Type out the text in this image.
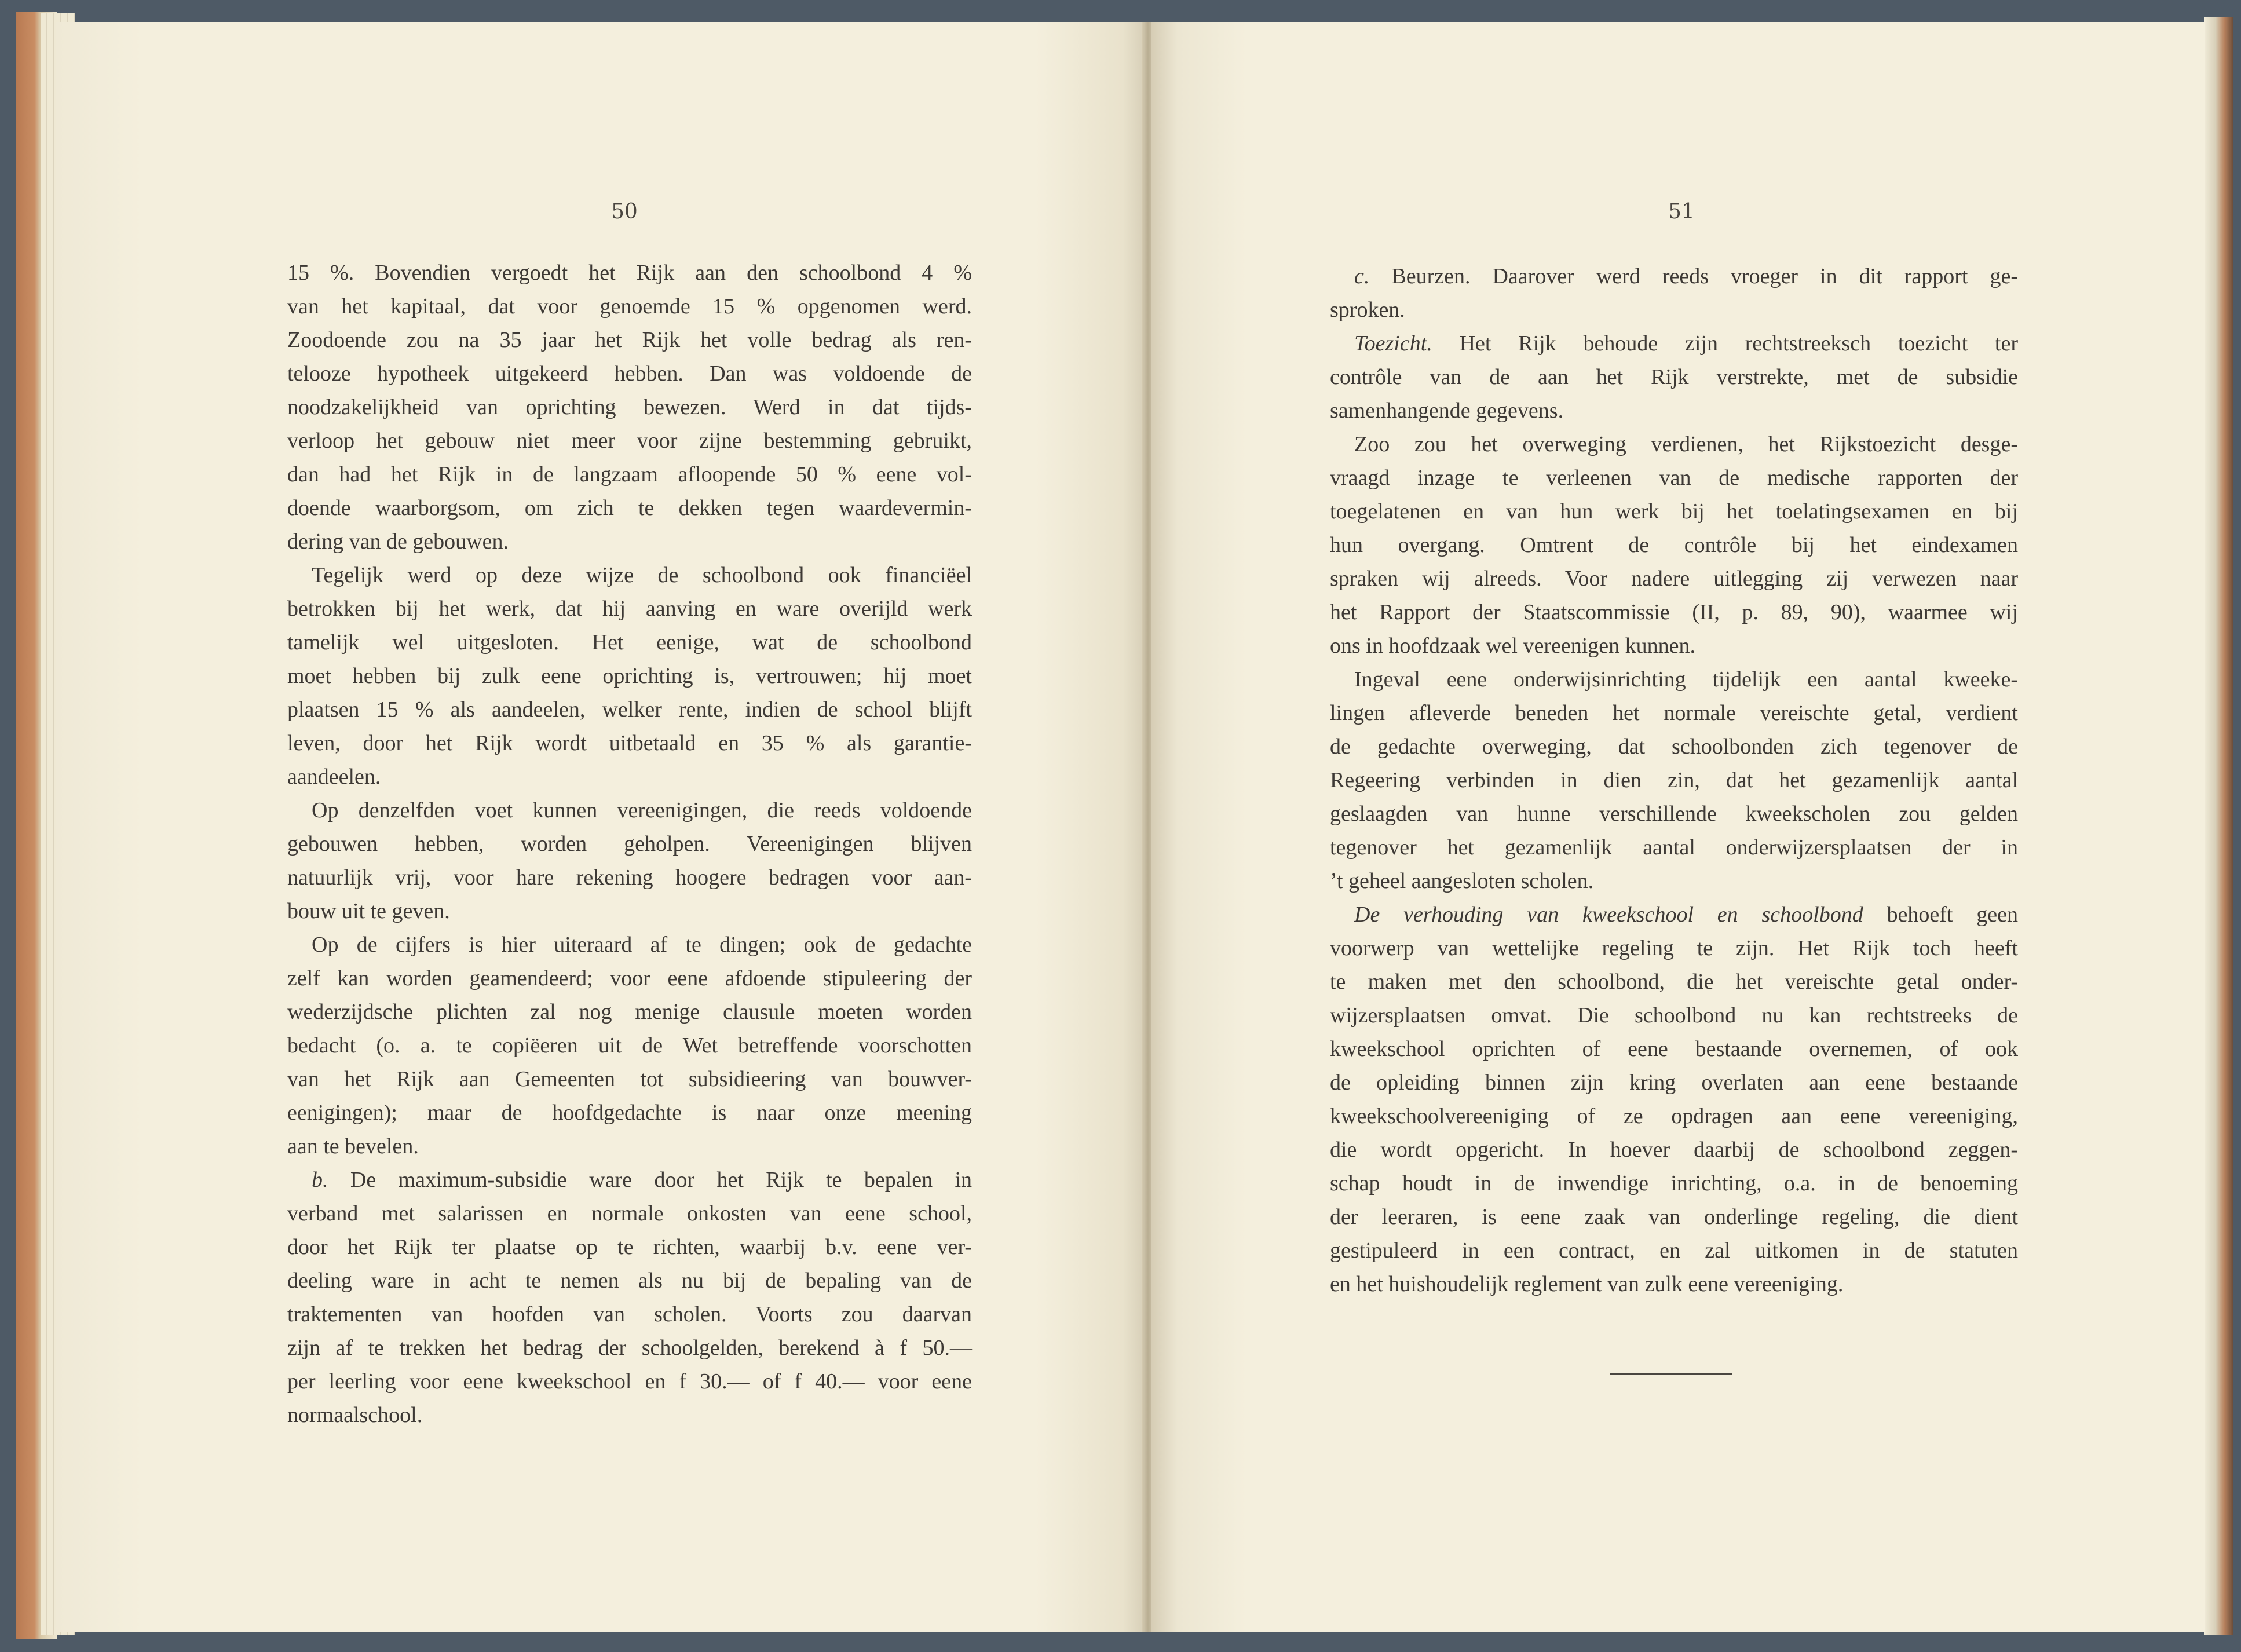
50	51
15 %. Bovendien vergoedt het Rijk aan den schoolbond 4 %
van het kapitaal, dat voor genoemde 15 % opgenomen werd.
Zoodoende zou na 35 jaar het Rijk het volle bedrag als ren-
telooze hypotheek uitgekeerd hebben. Dan was voldoende de
noodzakelijkheid van oprichting bewezen. Werd in dat tijds-
verloop het gebouw niet meer voor zijne bestemming gebruikt,
dan had het Rijk in de langzaam afloopende 50 % eene vol-
doende waarborgsom, om zich te dekken tegen waardevermin-
dering van de gebouwen.
Tegelijk werd op deze wijze de schoolbond ook financiëel
betrokken bij het werk, dat hij aanving en ware overijld werk
tamelijk wel uitgesloten. Het eenige, wat de schoolbond
moet hebben bij zulk eene oprichting is, vertrouwen; hij moet
plaatsen 15 % als aandeelen, welker rente, indien de school blijft
leven, door het Rijk wordt uitbetaald en 35 % als garantie-
aandeelen.
Op denzelfden voet kunnen vereenigingen, die reeds voldoende
gebouwen hebben, worden geholpen. Vereenigingen blijven
natuurlijk vrij, voor hare rekening hoogere bedragen voor aan-
bouw uit te geven.
Op de cijfers is hier uiteraard af te dingen; ook de gedachte
zelf kan worden geamendeerd; voor eene afdoende stipuleering der
wederzijdsche plichten zal nog menige clausule moeten worden
bedacht (o. a. te copiëeren uit de Wet betreffende voorschotten
van het Rijk aan Gemeenten tot subsidieering van bouwver-
eenigingen); maar de hoofdgedachte is naar onze meening
aan te bevelen.
b. De maximum-subsidie ware door het Rijk te bepalen in
verband met salarissen en normale onkosten van eene school,
door het Rijk ter plaatse op te richten, waarbij b.v. eene ver-
deeling ware in acht te nemen als nu bij de bepaling van de
traktementen van hoofden van scholen. Voorts zou daarvan
zijn af te trekken het bedrag der schoolgelden, berekend à f 50.—
per leerling voor eene kweekschool en f 30.— of f 40.— voor eene
normaalschool.
c. Beurzen. Daarover werd reeds vroeger in dit rapport ge-
sproken.
Toezicht. Het Rijk behoude zijn rechtstreeksch toezicht ter
contrôle van de aan het Rijk verstrekte, met de subsidie
samenhangende gegevens.
Zoo zou het overweging verdienen, het Rijkstoezicht desge-
vraagd inzage te verleenen van de medische rapporten der
toegelatenen en van hun werk bij het toelatingsexamen en bij
hun overgang. Omtrent de contrôle bij het eindexamen
spraken wij alreeds. Voor nadere uitlegging zij verwezen naar
het Rapport der Staatscommissie (II, p. 89, 90), waarmee wij
ons in hoofdzaak wel vereenigen kunnen.
Ingeval eene onderwijsinrichting tijdelijk een aantal kweeke-
lingen afleverde beneden het normale vereischte getal, verdient
de gedachte overweging, dat schoolbonden zich tegenover de
Regeering verbinden in dien zin, dat het gezamenlijk aantal
geslaagden van hunne verschillende kweekscholen zou gelden
tegenover het gezamenlijk aantal onderwijzersplaatsen der in
’t geheel aangesloten scholen.
De verhouding van kweekschool en schoolbond behoeft geen
voorwerp van wettelijke regeling te zijn. Het Rijk toch heeft
te maken met den schoolbond, die het vereischte getal onder-
wijzersplaatsen omvat. Die schoolbond nu kan rechtstreeks de
kweekschool oprichten of eene bestaande overnemen, of ook
de opleiding binnen zijn kring overlaten aan eene bestaande
kweekschoolvereeniging of ze opdragen aan eene vereeniging,
die wordt opgericht. In hoever daarbij de schoolbond zeggen-
schap houdt in de inwendige inrichting, o.a. in de benoeming
der leeraren, is eene zaak van onderlinge regeling, die dient
gestipuleerd in een contract, en zal uitkomen in de statuten
en het huishoudelijk reglement van zulk eene vereeniging.
